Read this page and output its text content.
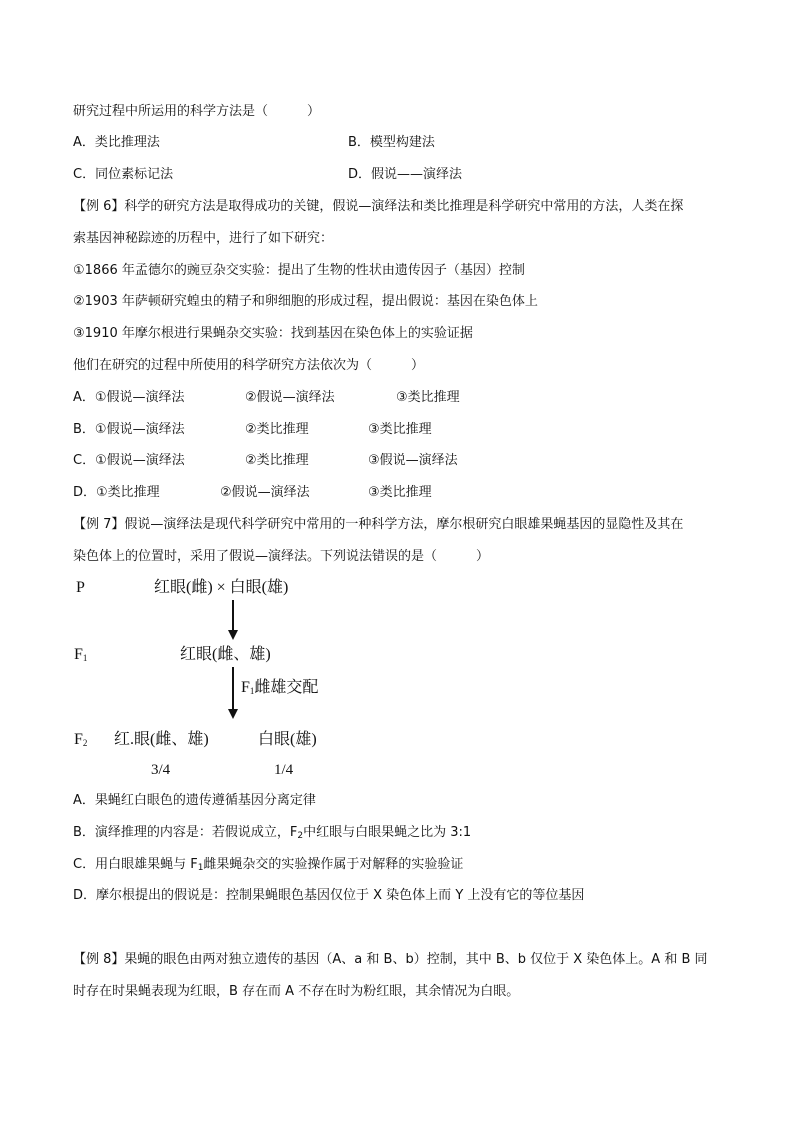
研究过程中所运用的科学方法是（　　　）
A．类比推理法	B．模型构建法
C．同位素标记法	D．假说——演绎法
【例 6】科学的研究方法是取得成功的关键，假说—演绎法和类比推理是科学研究中常用的方法，人类在探
索基因神秘踪迹的历程中，进行了如下研究：
①1866 年孟德尔的豌豆杂交实验：提出了生物的性状由遗传因子（基因）控制
②1903 年萨顿研究蝗虫的精子和卵细胞的形成过程，提出假说：基因在染色体上
③1910 年摩尔根进行果蝇杂交实验：找到基因在染色体上的实验证据
他们在研究的过程中所使用的科学研究方法依次为（　　　）
A．①假说—演绎法	②假说—演绎法	③类比推理
B．①假说—演绎法	②类比推理	③类比推理
C．①假说—演绎法	②类比推理	③假说—演绎法
D．①类比推理	②假说—演绎法	③类比推理
【例 7】假说—演绎法是现代科学研究中常用的一种科学方法，摩尔根研究白眼雄果蝇基因的显隐性及其在
染色体上的位置时，采用了假说—演绎法。下列说法错误的是（　　　）
P	红眼(雌) × 白眼(雄)
$F_1$	红眼(雌、雄)
$F_1$雌雄交配
$F_2$ 红.眼(雌、雄)	白眼(雄)
3/4	1/4
A．果蝇红白眼色的遗传遵循基因分离定律
B．演绎推理的内容是：若假说成立，$F_2$中红眼与白眼果蝇之比为 3:1
C．用白眼雄果蝇与 $F_1$雌果蝇杂交的实验操作属于对解释的实验验证
D．摩尔根提出的假说是：控制果蝇眼色基因仅位于 X 染色体上而 Y 上没有它的等位基因
【例 8】果蝇的眼色由两对独立遗传的基因（A、a 和 B、b）控制，其中 B、b 仅位于 X 染色体上。A 和 B 同
时存在时果蝇表现为红眼，B 存在而 A 不存在时为粉红眼，其余情况为白眼。
